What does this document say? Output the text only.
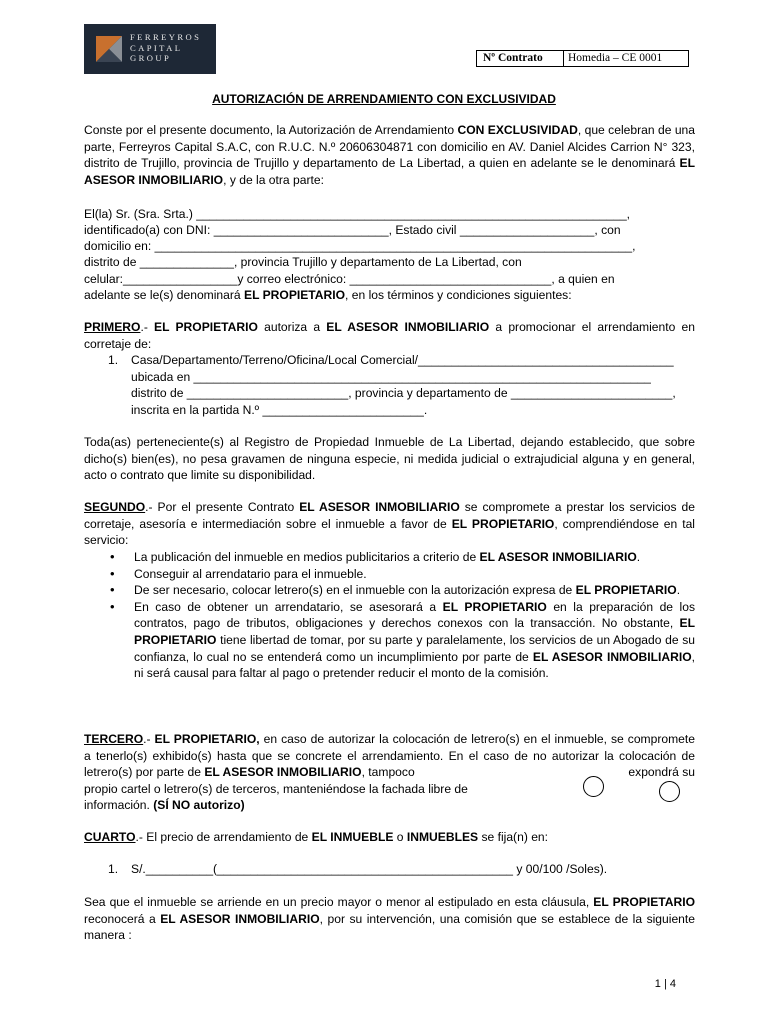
FERREYROS
CAPITAL
GROUP	Nº Contrato	Homedia – CE 0001
AUTORIZACIÓN DE ARRENDAMIENTO CON EXCLUSIVIDAD
Conste por el presente documento, la Autorización de Arrendamiento CON EXCLUSIVIDAD, que celebran de una parte, Ferreyros Capital S.A.C, con R.U.C. N.º 20606304871 con domicilio en AV. Daniel Alcides Carrion N° 323, distrito de Trujillo, provincia de Trujillo y departamento de La Libertad, a quien en adelante se le denominará EL ASESOR INMOBILIARIO, y de la otra parte:
El(la) Sr. (Sra. Srta.) ________________________________________________________________,
identificado(a) con DNI: __________________________, Estado civil ____________________, con
domicilio en: _______________________________________________________________________,
distrito de ______________, provincia Trujillo y departamento de La Libertad, con
celular:_________________y correo electrónico: ______________________________, a quien en
adelante se le(s) denominará EL PROPIETARIO, en los términos y condiciones siguientes:
PRIMERO.- EL PROPIETARIO autoriza a EL ASESOR INMOBILIARIO a promocionar el arrendamiento en corretaje de:
1.	Casa/Departamento/Terreno/Oficina/Local Comercial/______________________________________
ubicada en ____________________________________________________________________
distrito de ________________________, provincia y departamento de ________________________,
inscrita en la partida N.º ________________________.
Toda(as) perteneciente(s) al Registro de Propiedad Inmueble de La Libertad, dejando establecido, que sobre dicho(s) bien(es), no pesa gravamen de ninguna especie, ni medida judicial o extrajudicial alguna y en general, acto o contrato que limite su disponibilidad.
SEGUNDO.- Por el presente Contrato EL ASESOR INMOBILIARIO se compromete a prestar los servicios de corretaje, asesoría e intermediación sobre el inmueble a favor de EL PROPIETARIO, comprendiéndose en tal servicio:
• La publicación del inmueble en medios publicitarios a criterio de EL ASESOR INMOBILIARIO.
• Conseguir al arrendatario para el inmueble.
• De ser necesario, colocar letrero(s) en el inmueble con la autorización expresa de EL PROPIETARIO.
• En caso de obtener un arrendatario, se asesorará a EL PROPIETARIO en la preparación de los contratos, pago de tributos, obligaciones y derechos conexos con la transacción. No obstante, EL PROPIETARIO tiene libertad de tomar, por su parte y paralelamente, los servicios de un Abogado de su confianza, lo cual no se entenderá como un incumplimiento por parte de EL ASESOR INMOBILIARIO, ni será causal para faltar al pago o pretender reducir el monto de la comisión.
TERCERO.- EL PROPIETARIO, en caso de autorizar la colocación de letrero(s) en el inmueble, se compromete a tenerlo(s) exhibido(s) hasta que se concrete el arrendamiento. En el caso de no autorizar la colocación de letrero(s) por parte de EL ASESOR INMOBILIARIO, tampoco	expondrá su
propio cartel o letrero(s) de terceros, manteniéndose la fachada libre de
información. (SÍ NO autorizo)
CUARTO.- El precio de arrendamiento de EL INMUEBLE o INMUEBLES se fija(n) en:
1.	S/.__________(____________________________________________ y 00/100 /Soles).
Sea que el inmueble se arriende en un precio mayor o menor al estipulado en esta cláusula, EL PROPIETARIO reconocerá a EL ASESOR INMOBILIARIO, por su intervención, una comisión que se establece de la siguiente manera :
1 | 4
